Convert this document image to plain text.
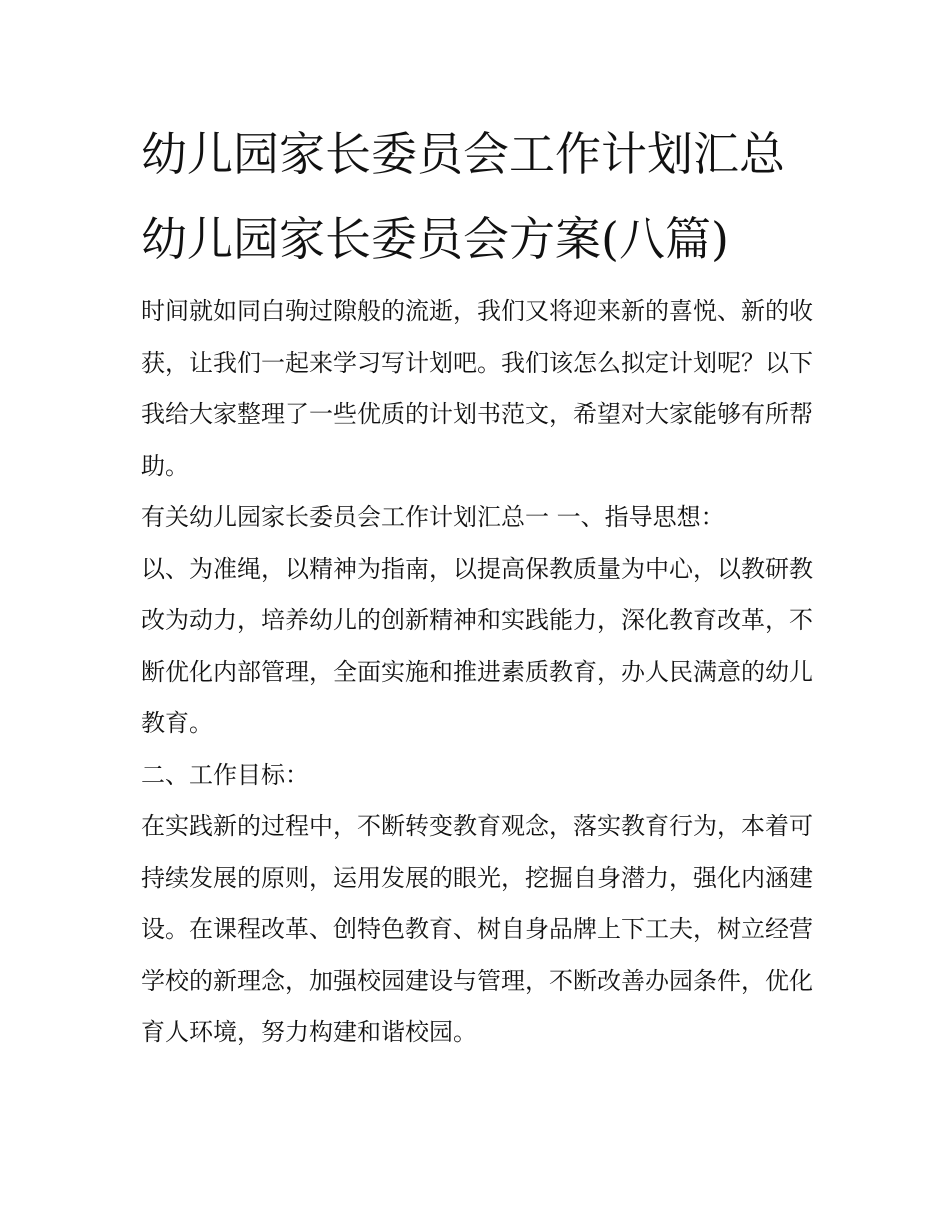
幼儿园家长委员会工作计划汇总 幼儿园家长委员会方案(八篇)

时间就如同白驹过隙般的流逝，我们又将迎来新的喜悦、新的收获，让我们一起来学习写计划吧。我们该怎么拟定计划呢？以下我给大家整理了一些优质的计划书范文，希望对大家能够有所帮助。

有关幼儿园家长委员会工作计划汇总一 一、指导思想：

以、为准绳，以精神为指南，以提高保教质量为中心，以教研教改为动力，培养幼儿的创新精神和实践能力，深化教育改革，不断优化内部管理，全面实施和推进素质教育，办人民满意的幼儿教育。

二、工作目标：

在实践新的过程中，不断转变教育观念，落实教育行为，本着可持续发展的原则，运用发展的眼光，挖掘自身潜力，强化内涵建设。在课程改革、创特色教育、树自身品牌上下工夫，树立经营学校的新理念，加强校园建设与管理，不断改善办园条件，优化育人环境，努力构建和谐校园。
